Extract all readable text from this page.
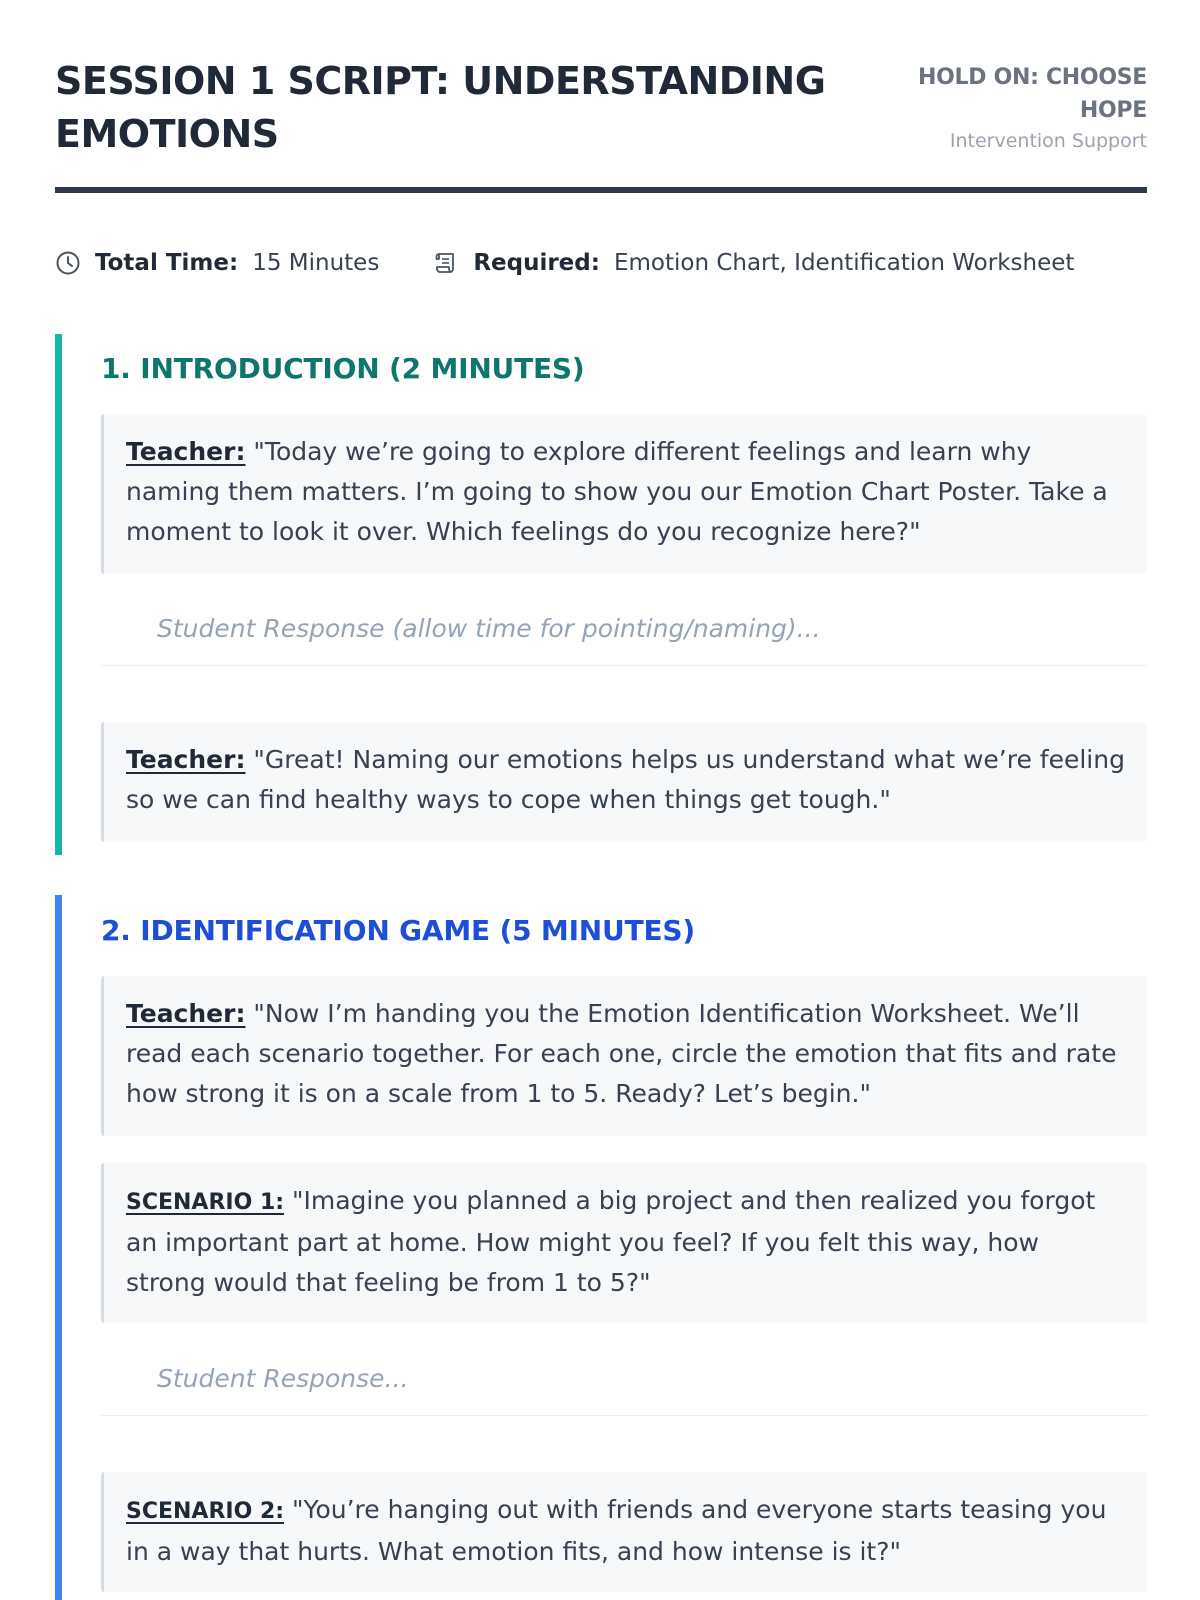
SESSION 1 SCRIPT: UNDERSTANDING EMOTIONS
HOLD ON: CHOOSE HOPE
Intervention Support
Total Time: 15 Minutes	Required: Emotion Chart, Identification Worksheet
1. INTRODUCTION (2 MINUTES)
Teacher: "Today we’re going to explore different feelings and learn why naming them matters. I’m going to show you our Emotion Chart Poster. Take a moment to look it over. Which feelings do you recognize here?"
Student Response (allow time for pointing/naming)...
Teacher: "Great! Naming our emotions helps us understand what we’re feeling so we can find healthy ways to cope when things get tough."
2. IDENTIFICATION GAME (5 MINUTES)
Teacher: "Now I’m handing you the Emotion Identification Worksheet. We’ll read each scenario together. For each one, circle the emotion that fits and rate how strong it is on a scale from 1 to 5. Ready? Let’s begin."
SCENARIO 1: "Imagine you planned a big project and then realized you forgot an important part at home. How might you feel? If you felt this way, how strong would that feeling be from 1 to 5?"
Student Response...
SCENARIO 2: "You’re hanging out with friends and everyone starts teasing you in a way that hurts. What emotion fits, and how intense is it?"
